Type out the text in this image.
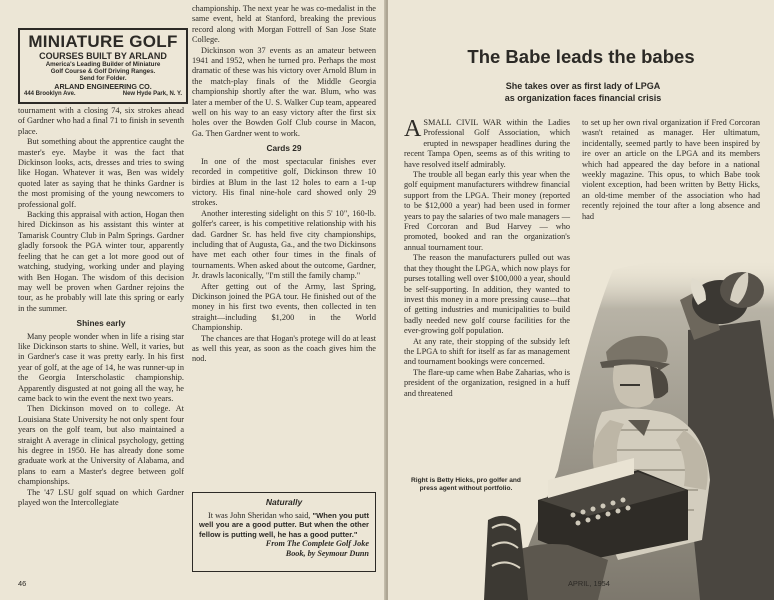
MINIATURE GOLF
COURSES BUILT BY ARLAND
America's Leading Builder of Miniature
Golf Course & Golf Driving Ranges.
Send for Folder.
ARLAND ENGINEERING CO.
444 Brooklyn Ave.	New Hyde Park, N. Y.

tournament with a closing 74, six strokes ahead of Gardner who had a final 71 to finish in seventh place.

But something about the apprentice caught the master's eye. Maybe it was the fact that Dickinson looks, acts, dresses and tries to swing like Hogan. Whatever it was, Ben was widely quoted later as saying that he thinks Gardner is the most promising of the young newcomers to professional golf.

Backing this appraisal with action, Hogan then hired Dickinson as his assistant this winter at Tamarisk Country Club in Palm Springs. Gardner gladly forsook the PGA winter tour, apparently feeling that he can get a lot more good out of watching, studying, working under and playing with Ben Hogan. The wisdom of this decision may well be proven when Gardner rejoins the tour, as he probably will late this spring or early in the summer.

Shines early

Many people wonder when in life a rising star like Dickinson starts to shine. Well, it varies, but in Gardner's case it was pretty early. In his first year of golf, at the age of 14, he was runner-up in the Georgia Interscholastic championship. Apparently disgusted at not going all the way, he came back to win the event the next two years.

Then Dickinson moved on to college. At Louisiana State University he not only spent four years on the golf team, but also maintained a straight A average in clinical psychology, getting his degree in 1950. He has already done some graduate work at the University of Alabama, and plans to earn a Master's degree between golf championships.

The '47 LSU golf squad on which Gardner played won the Intercollegiate

championship. The next year he was co-medalist in the same event, held at Stanford, breaking the previous record along with Morgan Fottrell of San Jose State College.

Dickinson won 37 events as an amateur between 1941 and 1952, when he turned pro. Perhaps the most dramatic of these was his victory over Arnold Blum in the match-play finals of the Middle Georgia championship shortly after the war. Blum, who was later a member of the U. S. Walker Cup team, appeared well on his way to an easy victory after the first six holes over the Bowden Golf Club course in Macon, Ga. Then Gardner went to work.

Cards 29

In one of the most spectacular finishes ever recorded in competitive golf, Dickinson threw 10 birdies at Blum in the last 12 holes to earn a 1-up victory. His final nine-hole card showed only 29 strokes.

Another interesting sidelight on this 5' 10", 160-lb. golfer's career, is his competitive relationship with his dad. Gardner Sr. has held five city championships, including that of Augusta, Ga., and the two Dickinsons have met each other four times in the finals of tournaments. When asked about the outcome, Gardner, Jr. drawls laconically, "I'm still the family champ."

After getting out of the Army, last Spring, Dickinson joined the PGA tour. He finished out of the money in his first two events, then collected in ten straight—including $1,200 in the World Championship.

The chances are that Hogan's protege will do at least as well this year, as soon as the coach gives him the nod.

Naturally

It was John Sheridan who said, "When you putt well you are a good putter. But when the other fellow is putting well, he has a good putter."

From The Complete Golf Joke

Book, by Seymour Dunn

46
The Babe leads the babes
She takes over as first lady of LPGA
as organization faces financial crisis

ASMALL CIVIL WAR within the Ladies Professional Golf Association, which erupted in newspaper headlines during the recent Tampa Open, seems as of this writing to have resolved itself admirably.

The trouble all began early this year when the golf equipment manufacturers withdrew financial support from the LPGA. Their money (reported to be $12,000 a year) had been used in former years to pay the salaries of two male managers — Fred Corcoran and Bud Harvey — who promoted, booked and ran the organization's annual tournament tour.

The reason the manufacturers pulled out was that they thought the LPGA, which now plays for purses totalling well over $100,000 a year, should be self-supporting. In addition, they wanted to invest this money in a more pressing cause—that of getting industries and municipalities to build badly needed new golf course facilities for the ever-growing golf population.

At any rate, their stopping of the subsidy left the LPGA to shift for itself as far as management and tournament bookings were concerned.

The flare-up came when Babe Zaharias, who is president of the organization, resigned in a huff and threatened

to set up her own rival organization if Fred Corcoran wasn't retained as manager. Her ultimatum, incidentally, seemed partly to have been inspired by ire over an article on the LPGA and its members which had appeared the day before in a national weekly magazine. This opus, to which Babe took violent exception, had been written by Betty Hicks, an old-time member of the association who had recently rejoined the tour after a long absence and had

Right is Betty Hicks, pro golfer and press agent without portfolio.
APRIL, 1954
